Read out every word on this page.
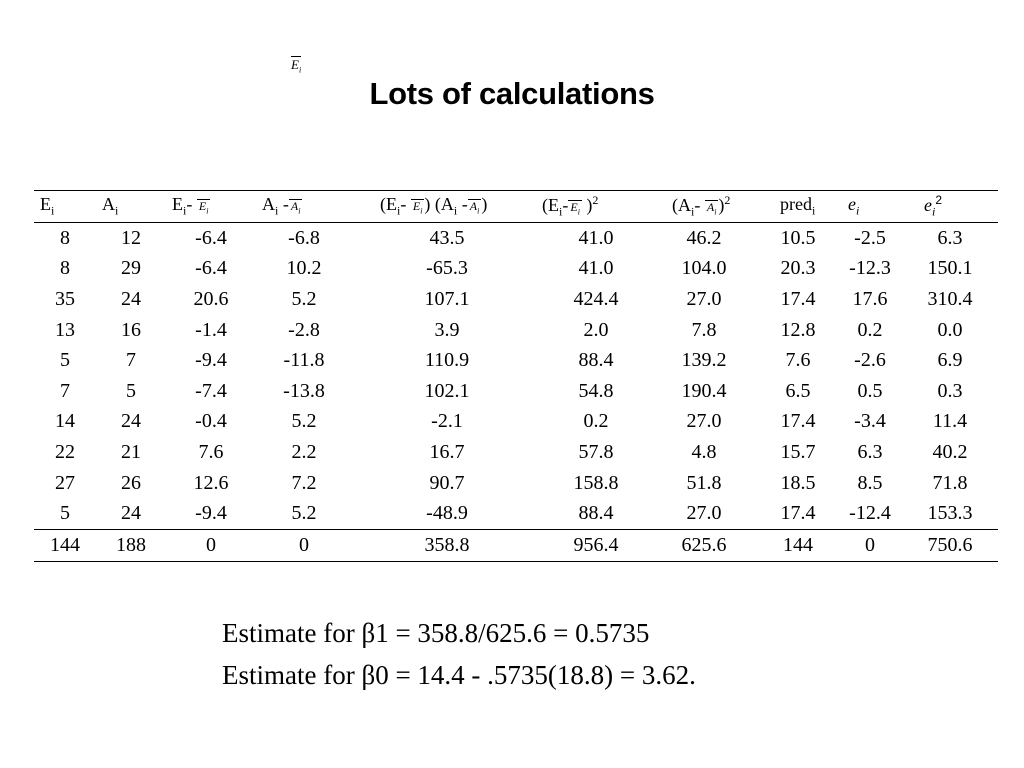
$E_i$
Lots of calculations
$E_i$	$A_i$	$E_i-$ $E_i$	$A_i - A_i$	($E_i-$ $E_i$ ) ($A_i - A_i$ )	($E_i-$ $E_i$ )$^2$	($A_i-$ $A_i$ )$^2$	pred$_i$	$e_i$	$e_i^2$
8	12	-6.4	-6.8	43.5	41.0	46.2	10.5	-2.5	6.3
8	29	-6.4	10.2	-65.3	41.0	104.0	20.3	-12.3	150.1
35	24	20.6	5.2	107.1	424.4	27.0	17.4	17.6	310.4
13	16	-1.4	-2.8	3.9	2.0	7.8	12.8	0.2	0.0
5	7	-9.4	-11.8	110.9	88.4	139.2	7.6	-2.6	6.9
7	5	-7.4	-13.8	102.1	54.8	190.4	6.5	0.5	0.3
14	24	-0.4	5.2	-2.1	0.2	27.0	17.4	-3.4	11.4
22	21	7.6	2.2	16.7	57.8	4.8	15.7	6.3	40.2
27	26	12.6	7.2	90.7	158.8	51.8	18.5	8.5	71.8
5	24	-9.4	5.2	-48.9	88.4	27.0	17.4	-12.4	153.3
144	188	0	0	358.8	956.4	625.6	144	0	750.6
Estimate for β1 = 358.8/625.6 = 0.5735
Estimate for β0 = 14.4 - .5735(18.8) = 3.62.
